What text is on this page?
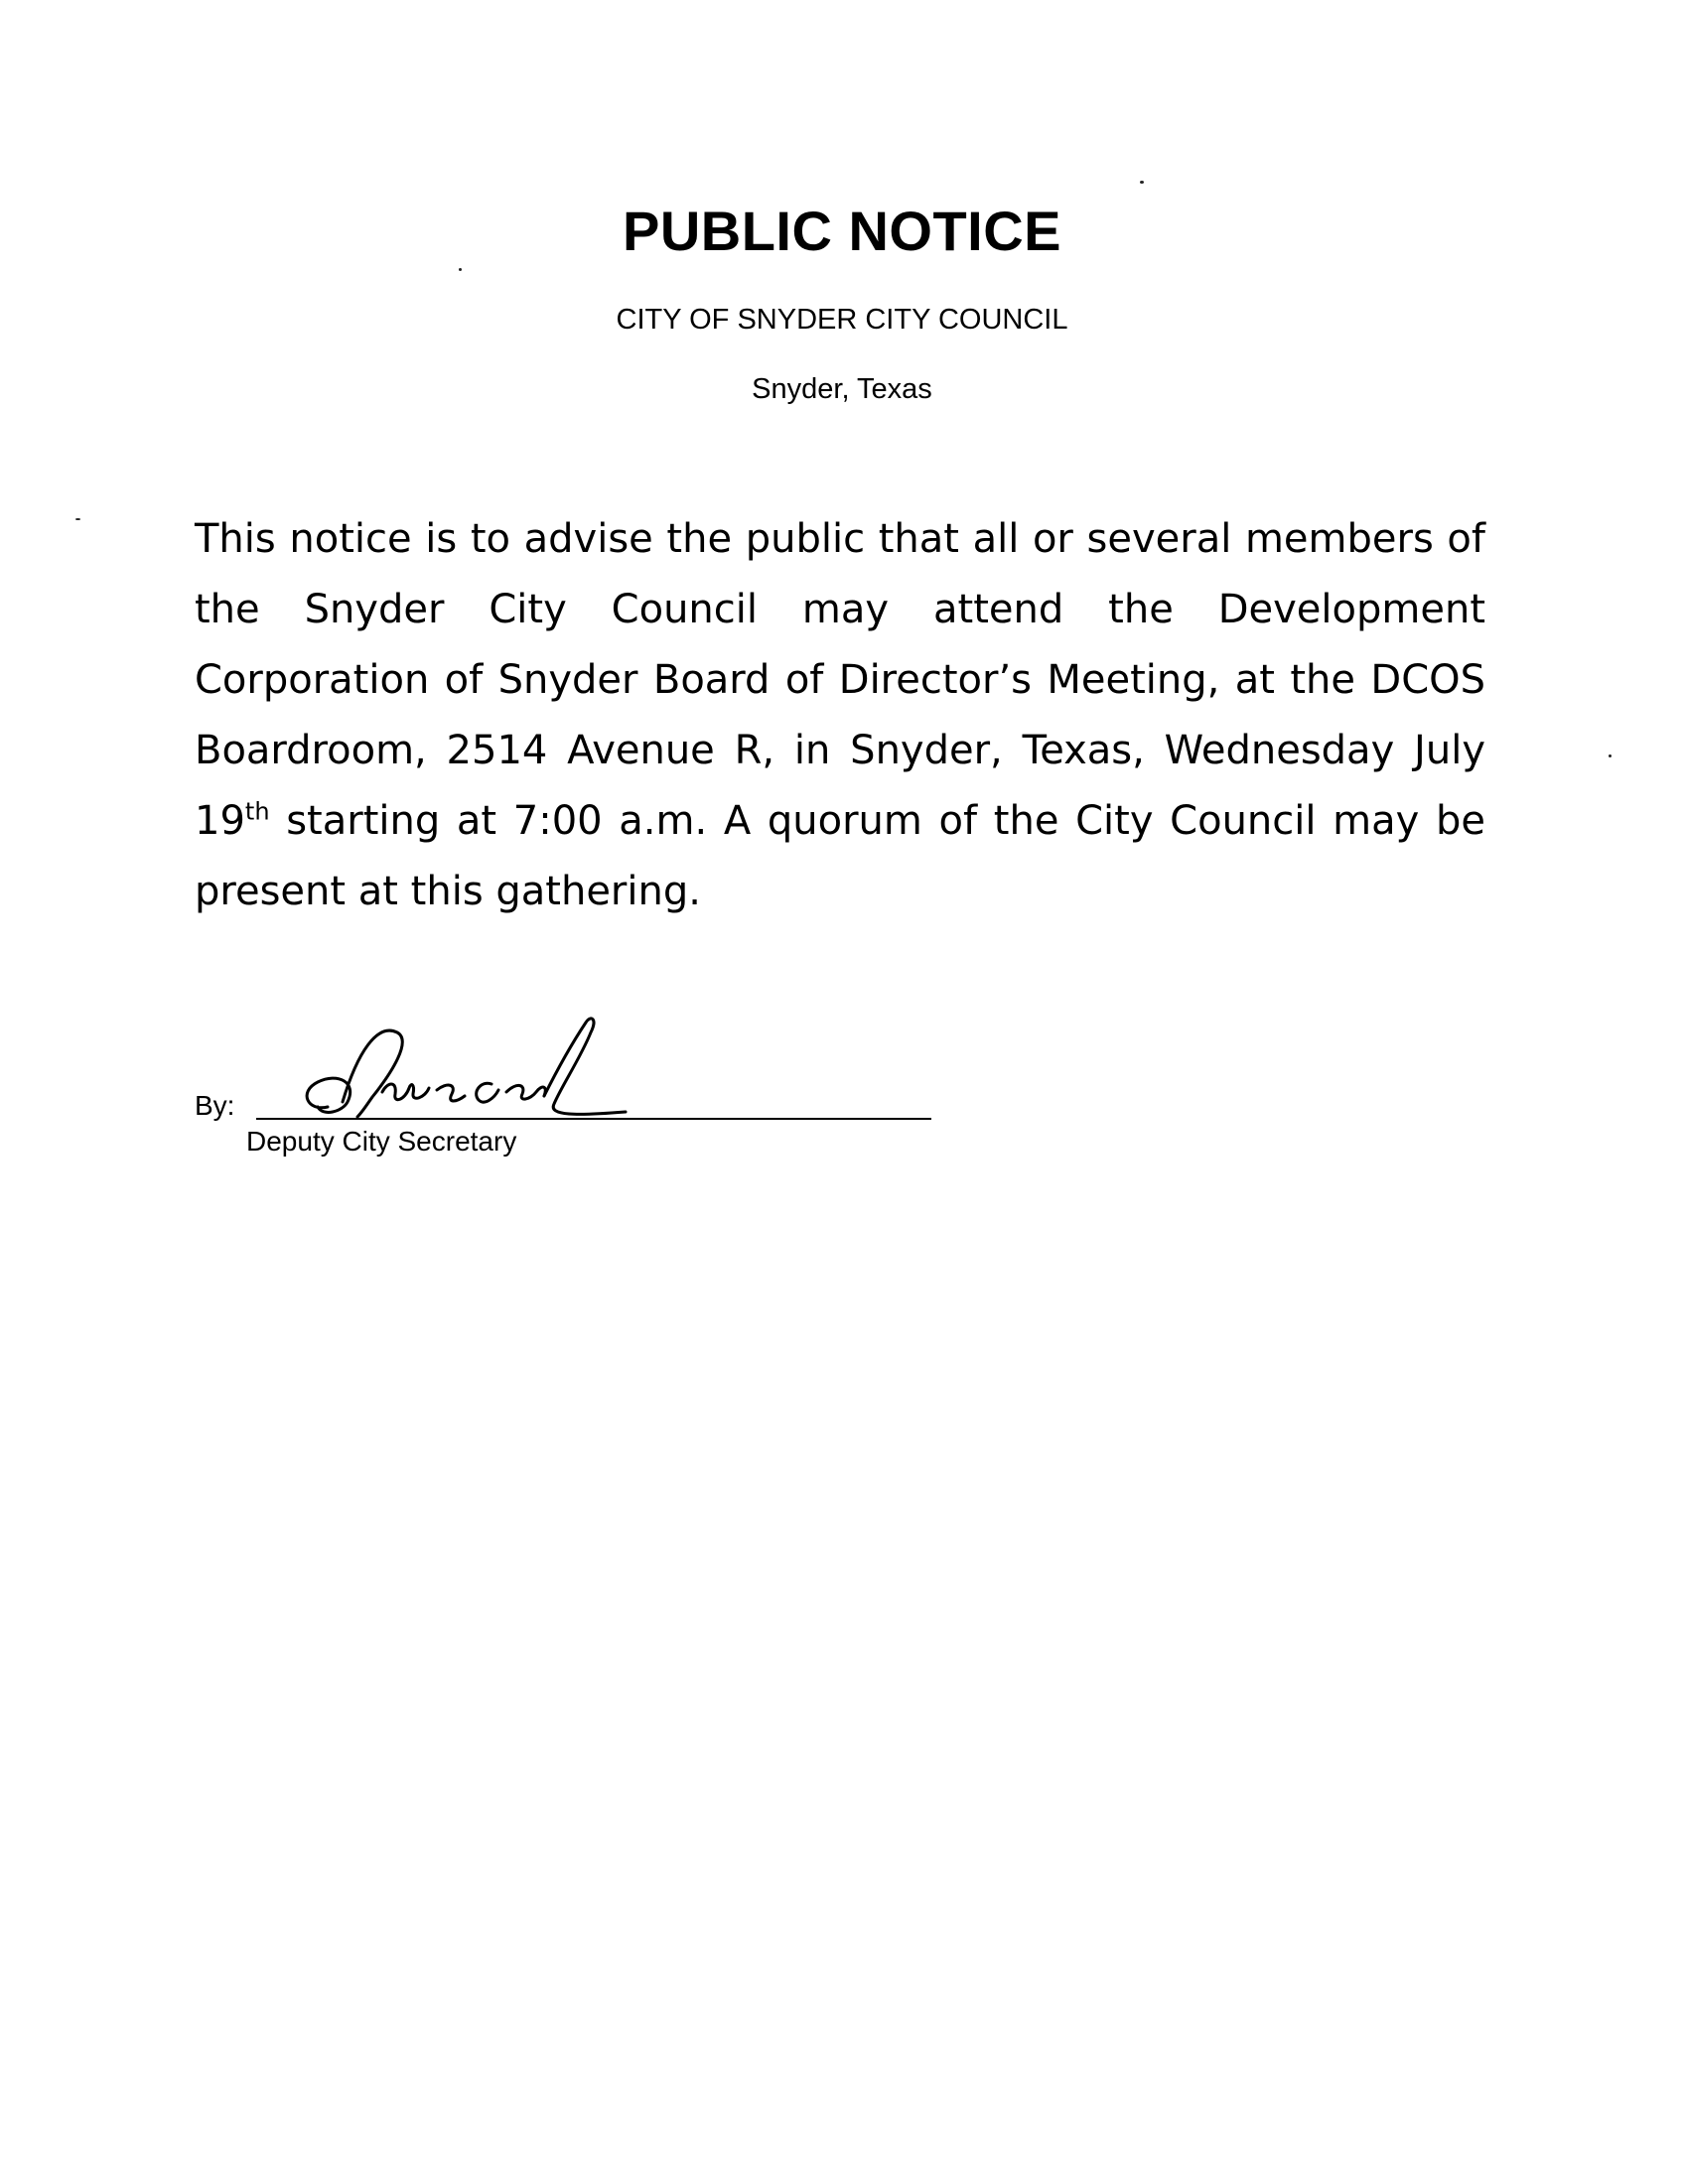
PUBLIC NOTICE

CITY OF SNYDER CITY COUNCIL

Snyder, Texas

This notice is to advise the public that all or several members of the Snyder City Council may attend the Development Corporation of Snyder Board of Director’s Meeting, at the DCOS Boardroom, 2514 Avenue R, in Snyder, Texas, Wednesday July 19th starting at 7:00 a.m. A quorum of the City Council may be present at this gathering.

By:
Deputy City Secretary
